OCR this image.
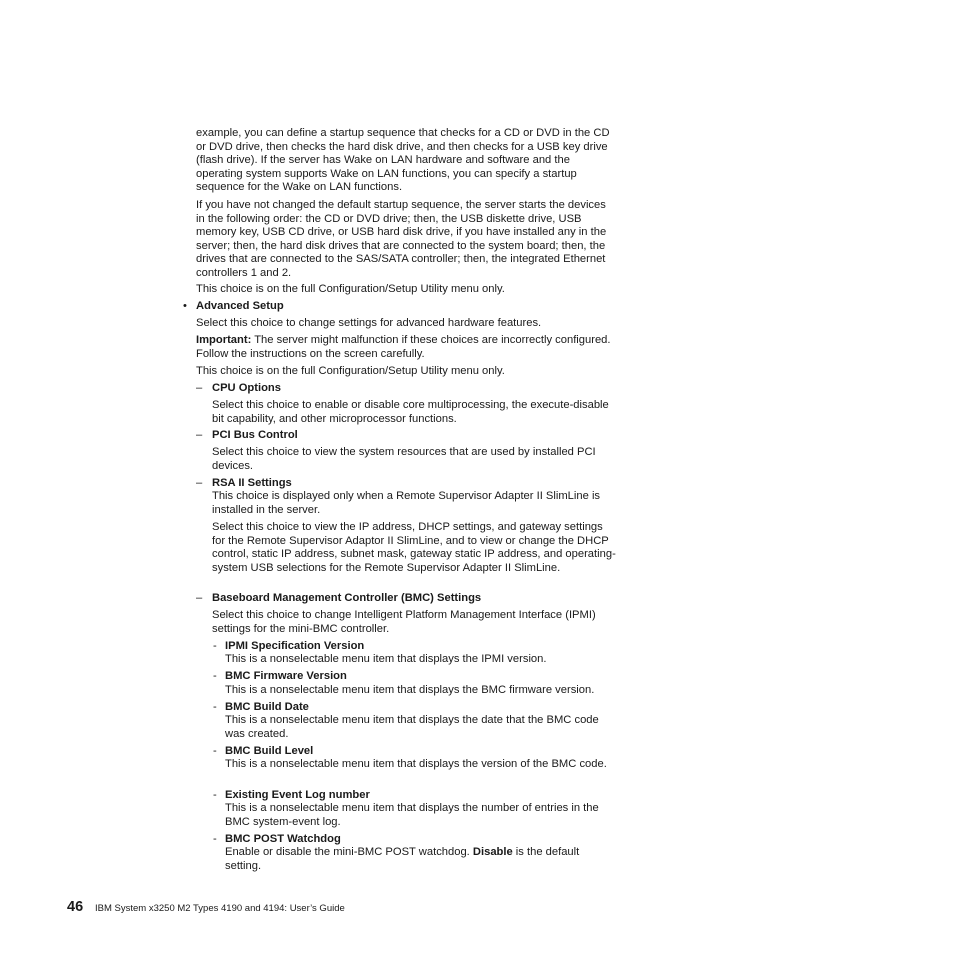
example, you can define a startup sequence that checks for a CD or DVD in the CD or DVD drive, then checks the hard disk drive, and then checks for a USB key drive (flash drive). If the server has Wake on LAN hardware and software and the operating system supports Wake on LAN functions, you can specify a startup sequence for the Wake on LAN functions.

If you have not changed the default startup sequence, the server starts the devices in the following order: the CD or DVD drive; then, the USB diskette drive, USB memory key, USB CD drive, or USB hard disk drive, if you have installed any in the server; then, the hard disk drives that are connected to the system board; then, the drives that are connected to the SAS/SATA controller; then, the integrated Ethernet controllers 1 and 2.

This choice is on the full Configuration/Setup Utility menu only.

• Advanced Setup

Select this choice to change settings for advanced hardware features.

Important: The server might malfunction if these choices are incorrectly configured. Follow the instructions on the screen carefully.

This choice is on the full Configuration/Setup Utility menu only.

– CPU Options

Select this choice to enable or disable core multiprocessing, the execute-disable bit capability, and other microprocessor functions.

– PCI Bus Control

Select this choice to view the system resources that are used by installed PCI devices.

– RSA II Settings

This choice is displayed only when a Remote Supervisor Adapter II SlimLine is installed in the server.

Select this choice to view the IP address, DHCP settings, and gateway settings for the Remote Supervisor Adaptor II SlimLine, and to view or change the DHCP control, static IP address, subnet mask, gateway static IP address, and operating-system USB selections for the Remote Supervisor Adapter II SlimLine.

– Baseboard Management Controller (BMC) Settings

Select this choice to change Intelligent Platform Management Interface (IPMI) settings for the mini-BMC controller.

- IPMI Specification Version

This is a nonselectable menu item that displays the IPMI version.

- BMC Firmware Version

This is a nonselectable menu item that displays the BMC firmware version.

- BMC Build Date

This is a nonselectable menu item that displays the date that the BMC code was created.

- BMC Build Level

This is a nonselectable menu item that displays the version of the BMC code.

- Existing Event Log number

This is a nonselectable menu item that displays the number of entries in the BMC system-event log.

- BMC POST Watchdog

Enable or disable the mini-BMC POST watchdog. Disable is the default setting.

46 IBM System x3250 M2 Types 4190 and 4194: User’s Guide
